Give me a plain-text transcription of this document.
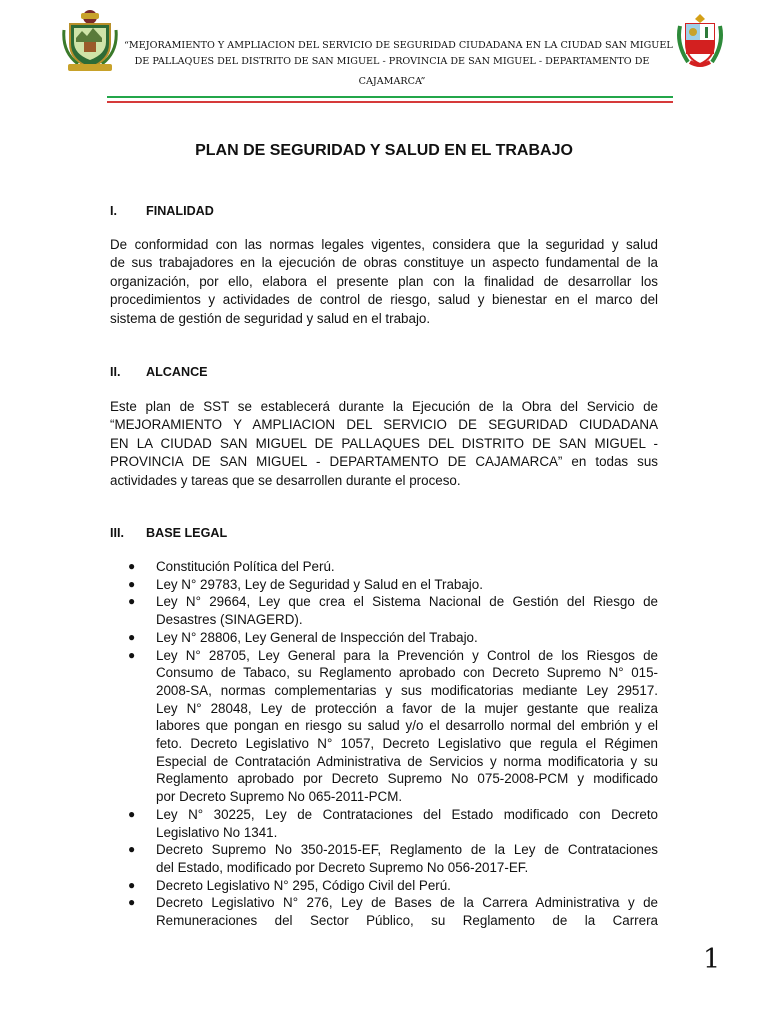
“MEJORAMIENTO Y AMPLIACION DEL SERVICIO DE SEGURIDAD CIUDADANA EN LA CIUDAD SAN MIGUEL
DE PALLAQUES DEL DISTRITO DE SAN MIGUEL - PROVINCIA DE SAN MIGUEL - DEPARTAMENTO DE
CAJAMARCA”
PLAN DE SEGURIDAD Y SALUD EN EL TRABAJO
I. FINALIDAD
De conformidad con las normas legales vigentes, considera que la seguridad y salud
de sus trabajadores en la ejecución de obras constituye un aspecto fundamental de la
organización, por ello, elabora el presente plan con la finalidad de desarrollar los
procedimientos y actividades de control de riesgo, salud y bienestar en el marco del
sistema de gestión de seguridad y salud en el trabajo.
II. ALCANCE
Este plan de SST se establecerá durante la Ejecución de la Obra del Servicio de
“MEJORAMIENTO Y AMPLIACION DEL SERVICIO DE SEGURIDAD CIUDADANA
EN LA CIUDAD SAN MIGUEL DE PALLAQUES DEL DISTRITO DE SAN MIGUEL -
PROVINCIA DE SAN MIGUEL - DEPARTAMENTO DE CAJAMARCA” en todas sus
actividades y tareas que se desarrollen durante el proceso.
III. BASE LEGAL
● Constitución Política del Perú.
● Ley N° 29783, Ley de Seguridad y Salud en el Trabajo.
● Ley N° 29664, Ley que crea el Sistema Nacional de Gestión del Riesgo de
Desastres (SINAGERD).
● Ley N° 28806, Ley General de Inspección del Trabajo.
● Ley N° 28705, Ley General para la Prevención y Control de los Riesgos de
Consumo de Tabaco, su Reglamento aprobado con Decreto Supremo N° 015-
2008-SA, normas complementarias y sus modificatorias mediante Ley 29517.
Ley N° 28048, Ley de protección a favor de la mujer gestante que realiza
labores que pongan en riesgo su salud y/o el desarrollo normal del embrión y el
feto. Decreto Legislativo N° 1057, Decreto Legislativo que regula el Régimen
Especial de Contratación Administrativa de Servicios y norma modificatoria y su
Reglamento aprobado por Decreto Supremo No 075-2008-PCM y modificado
por Decreto Supremo No 065-2011-PCM.
● Ley N° 30225, Ley de Contrataciones del Estado modificado con Decreto
Legislativo No 1341.
● Decreto Supremo No 350-2015-EF, Reglamento de la Ley de Contrataciones
del Estado, modificado por Decreto Supremo No 056-2017-EF.
● Decreto Legislativo N° 295, Código Civil del Perú.
● Decreto Legislativo N° 276, Ley de Bases de la Carrera Administrativa y de
Remuneraciones del Sector Público, su Reglamento de la Carrera
1
